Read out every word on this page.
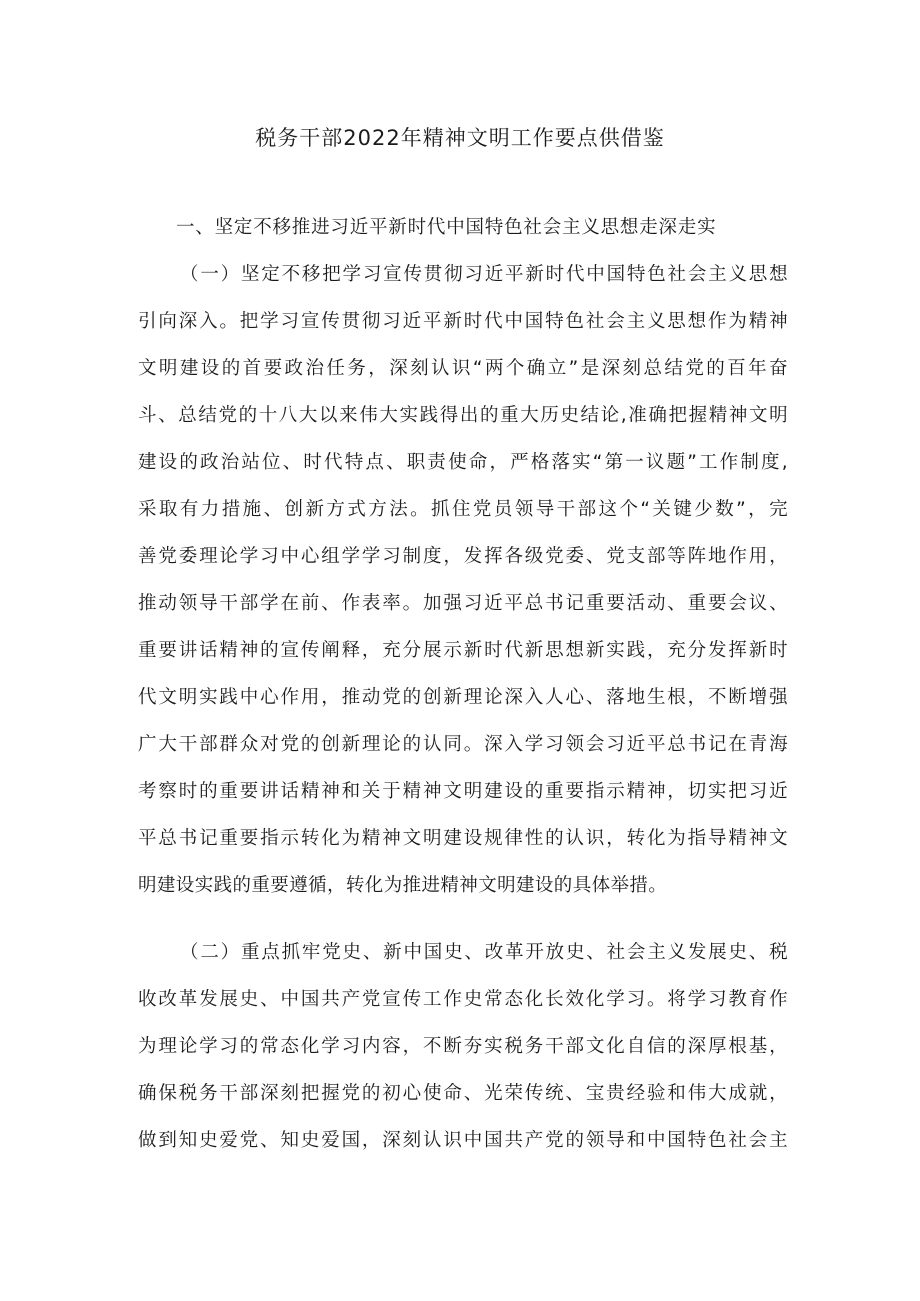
税务干部2022年精神文明工作要点供借鉴
一、坚定不移推进习近平新时代中国特色社会主义思想走深走实
（一）坚定不移把学习宣传贯彻习近平新时代中国特色社会主义思想
引向深入。把学习宣传贯彻习近平新时代中国特色社会主义思想作为精神
文明建设的首要政治任务，深刻认识“两个确立”是深刻总结党的百年奋
斗、总结党的十八大以来伟大实践得出的重大历史结论,准确把握精神文明
建设的政治站位、时代特点、职责使命，严格落实“第一议题”工作制度,
采取有力措施、创新方式方法。抓住党员领导干部这个“关键少数”，完
善党委理论学习中心组学学习制度，发挥各级党委、党支部等阵地作用，
推动领导干部学在前、作表率。加强习近平总书记重要活动、重要会议、
重要讲话精神的宣传阐释，充分展示新时代新思想新实践，充分发挥新时
代文明实践中心作用，推动党的创新理论深入人心、落地生根，不断增强
广大干部群众对党的创新理论的认同。深入学习领会习近平总书记在青海
考察时的重要讲话精神和关于精神文明建设的重要指示精神，切实把习近
平总书记重要指示转化为精神文明建设规律性的认识，转化为指导精神文
明建设实践的重要遵循，转化为推进精神文明建设的具体举措。
（二）重点抓牢党史、新中国史、改革开放史、社会主义发展史、税
收改革发展史、中国共产党宣传工作史常态化长效化学习。将学习教育作
为理论学习的常态化学习内容，不断夯实税务干部文化自信的深厚根基，
确保税务干部深刻把握党的初心使命、光荣传统、宝贵经验和伟大成就，
做到知史爱党、知史爱国，深刻认识中国共产党的领导和中国特色社会主
